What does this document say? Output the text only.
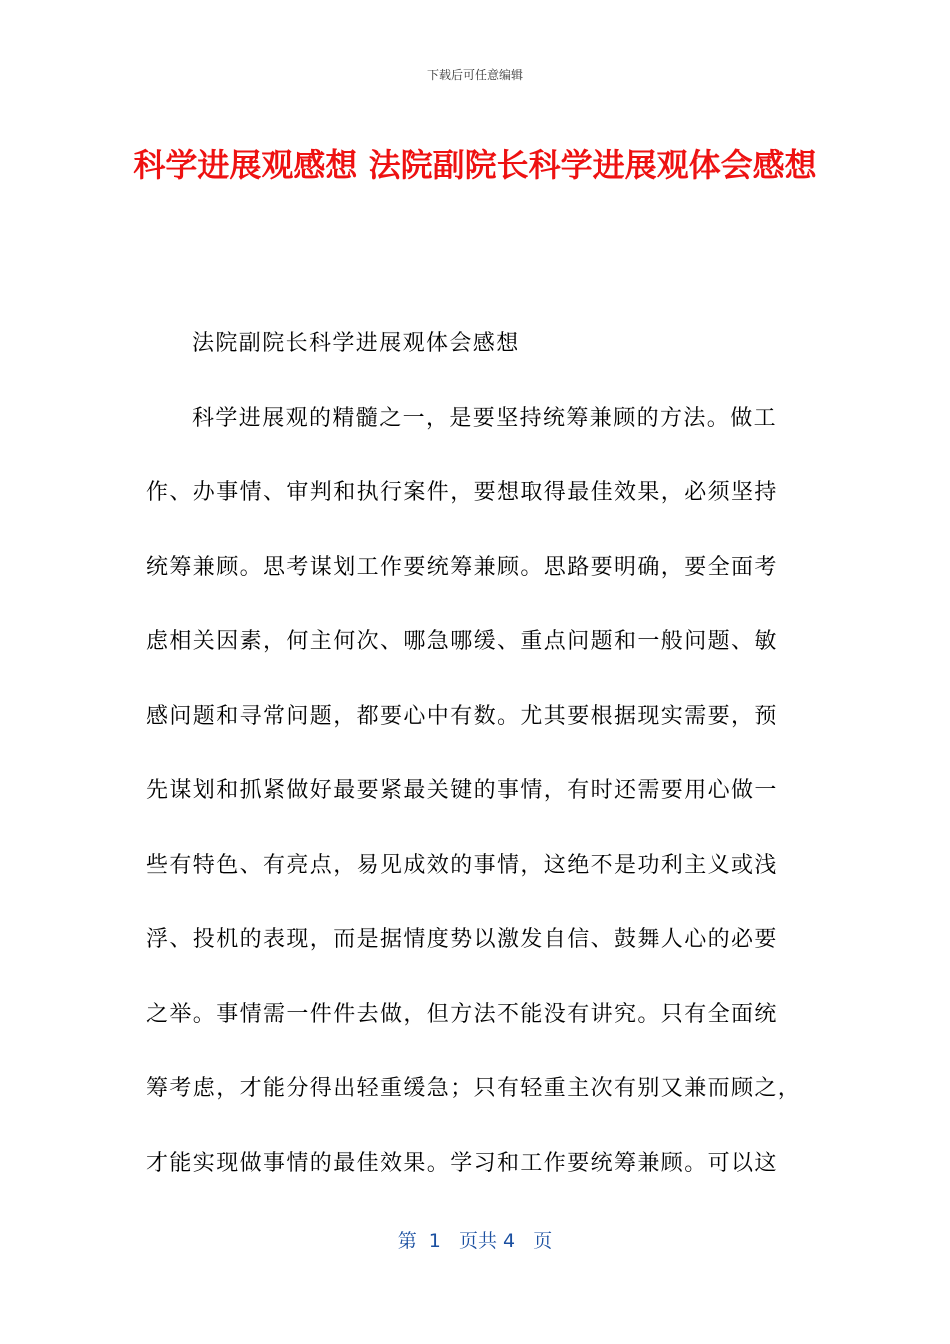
下载后可任意编辑
科学进展观感想 法院副院长科学进展观体会感想
法院副院长科学进展观体会感想
科学进展观的精髓之一，是要坚持统筹兼顾的方法。做工
作、办事情、审判和执行案件，要想取得最佳效果，必须坚持
统筹兼顾。思考谋划工作要统筹兼顾。思路要明确，要全面考
虑相关因素，何主何次、哪急哪缓、重点问题和一般问题、敏
感问题和寻常问题，都要心中有数。尤其要根据现实需要，预
先谋划和抓紧做好最要紧最关键的事情，有时还需要用心做一
些有特色、有亮点，易见成效的事情，这绝不是功利主义或浅
浮、投机的表现，而是据情度势以激发自信、鼓舞人心的必要
之举。事情需一件件去做，但方法不能没有讲究。只有全面统
筹考虑，才能分得出轻重缓急；只有轻重主次有别又兼而顾之，
才能实现做事情的最佳效果。学习和工作要统筹兼顾。可以这
第  1   页共 4   页
